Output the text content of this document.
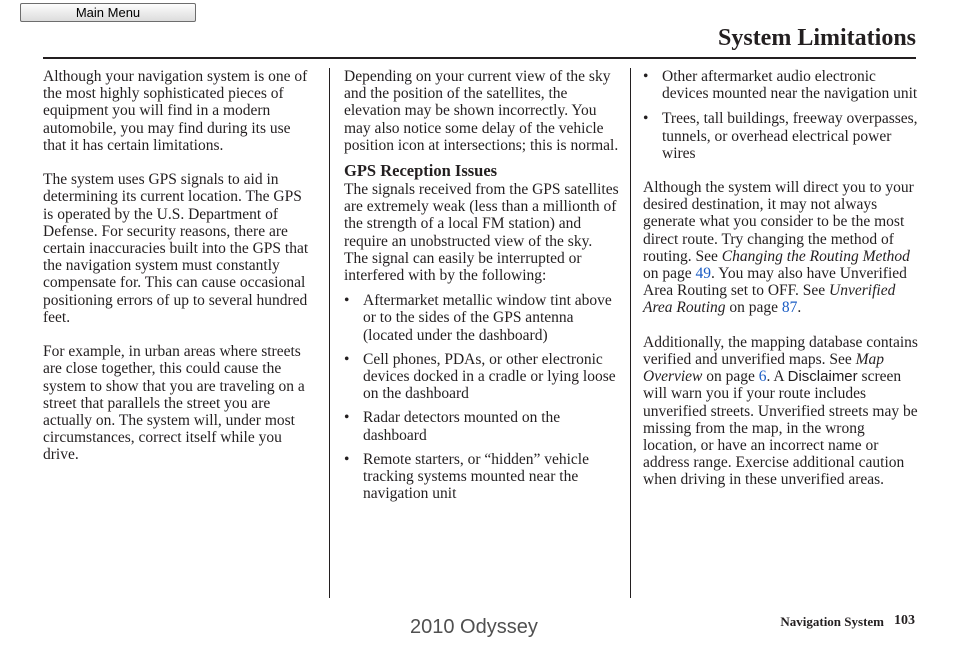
Main Menu
System Limitations

Although your navigation system is one of the most highly sophisticated pieces of equipment you will find in a modern automobile, you may find during its use that it has certain limitations.

The system uses GPS signals to aid in determining its current location. The GPS is operated by the U.S. Department of Defense. For security reasons, there are certain inaccuracies built into the GPS that the navigation system must constantly compensate for. This can cause occasional positioning errors of up to several hundred feet.

For example, in urban areas where streets are close together, this could cause the system to show that you are traveling on a street that parallels the street you are actually on. The system will, under most circumstances, correct itself while you drive.

Depending on your current view of the sky and the position of the satellites, the elevation may be shown incorrectly. You may also notice some delay of the vehicle position icon at intersections; this is normal.

GPS Reception Issues

The signals received from the GPS satellites are extremely weak (less than a millionth of the strength of a local FM station) and require an unobstructed view of the sky. The signal can easily be interrupted or interfered with by the following:

• Aftermarket metallic window tint above or to the sides of the GPS antenna (located under the dashboard)
• Cell phones, PDAs, or other electronic devices docked in a cradle or lying loose on the dashboard
• Radar detectors mounted on the dashboard
• Remote starters, or “hidden” vehicle tracking systems mounted near the navigation unit
• Other aftermarket audio electronic devices mounted near the navigation unit
• Trees, tall buildings, freeway overpasses, tunnels, or overhead electrical power wires

Although the system will direct you to your desired destination, it may not always generate what you consider to be the most direct route. Try changing the method of routing. See Changing the Routing Method on page 49. You may also have Unverified Area Routing set to OFF. See Unverified Area Routing on page 87.

Additionally, the mapping database contains verified and unverified maps. See Map Overview on page 6. A Disclaimer screen will warn you if your route includes unverified streets. Unverified streets may be missing from the map, in the wrong location, or have an incorrect name or address range. Exercise additional caution when driving in these unverified areas.

2010 Odyssey	Navigation System 103
